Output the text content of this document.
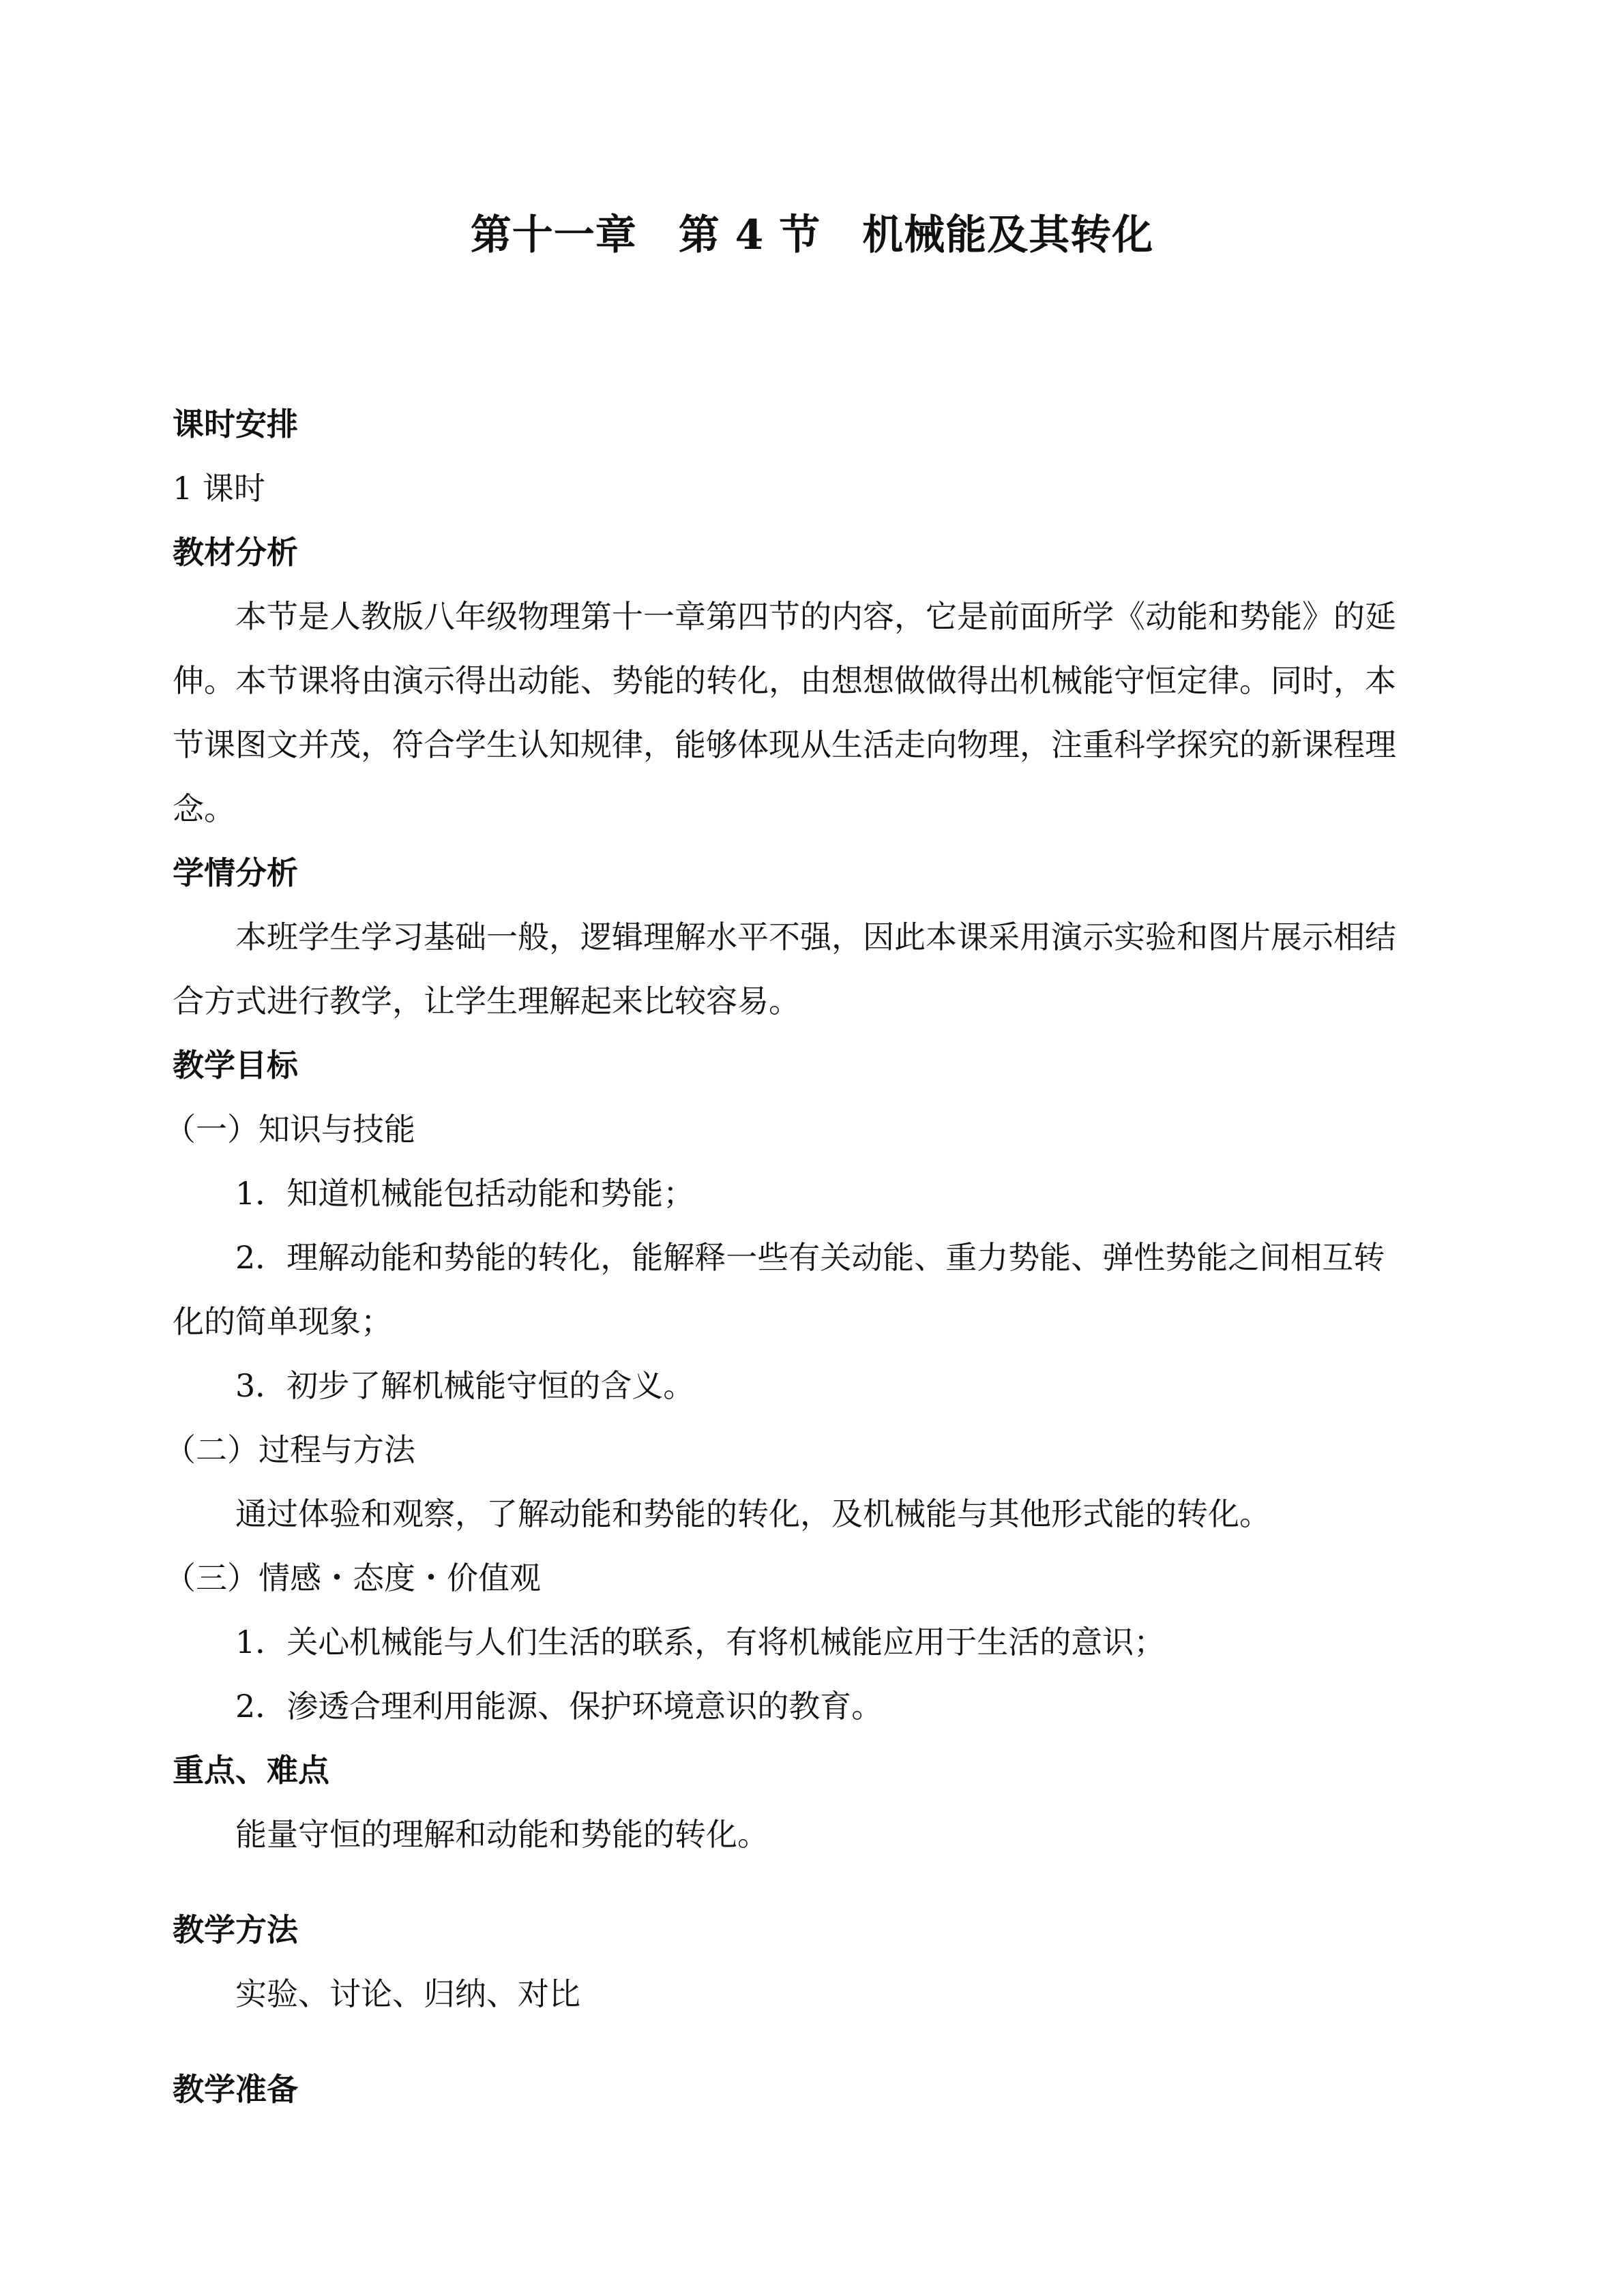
第十一章　第 4 节　机械能及其转化
课时安排
1 课时
教材分析
本节是人教版八年级物理第十一章第四节的内容，它是前面所学《动能和势能》的延
伸。本节课将由演示得出动能、势能的转化，由想想做做得出机械能守恒定律。同时，本
节课图文并茂，符合学生认知规律，能够体现从生活走向物理，注重科学探究的新课程理
念。
学情分析
本班学生学习基础一般，逻辑理解水平不强，因此本课采用演示实验和图片展示相结
合方式进行教学，让学生理解起来比较容易。
教学目标
（一）知识与技能
1．知道机械能包括动能和势能；
2．理解动能和势能的转化，能解释一些有关动能、重力势能、弹性势能之间相互转
化的简单现象；
3．初步了解机械能守恒的含义。
（二）过程与方法
通过体验和观察，了解动能和势能的转化，及机械能与其他形式能的转化。
（三）情感・态度・价值观
1．关心机械能与人们生活的联系，有将机械能应用于生活的意识；
2．渗透合理利用能源、保护环境意识的教育。
重点、难点
能量守恒的理解和动能和势能的转化。
教学方法
实验、讨论、归纳、对比
教学准备
